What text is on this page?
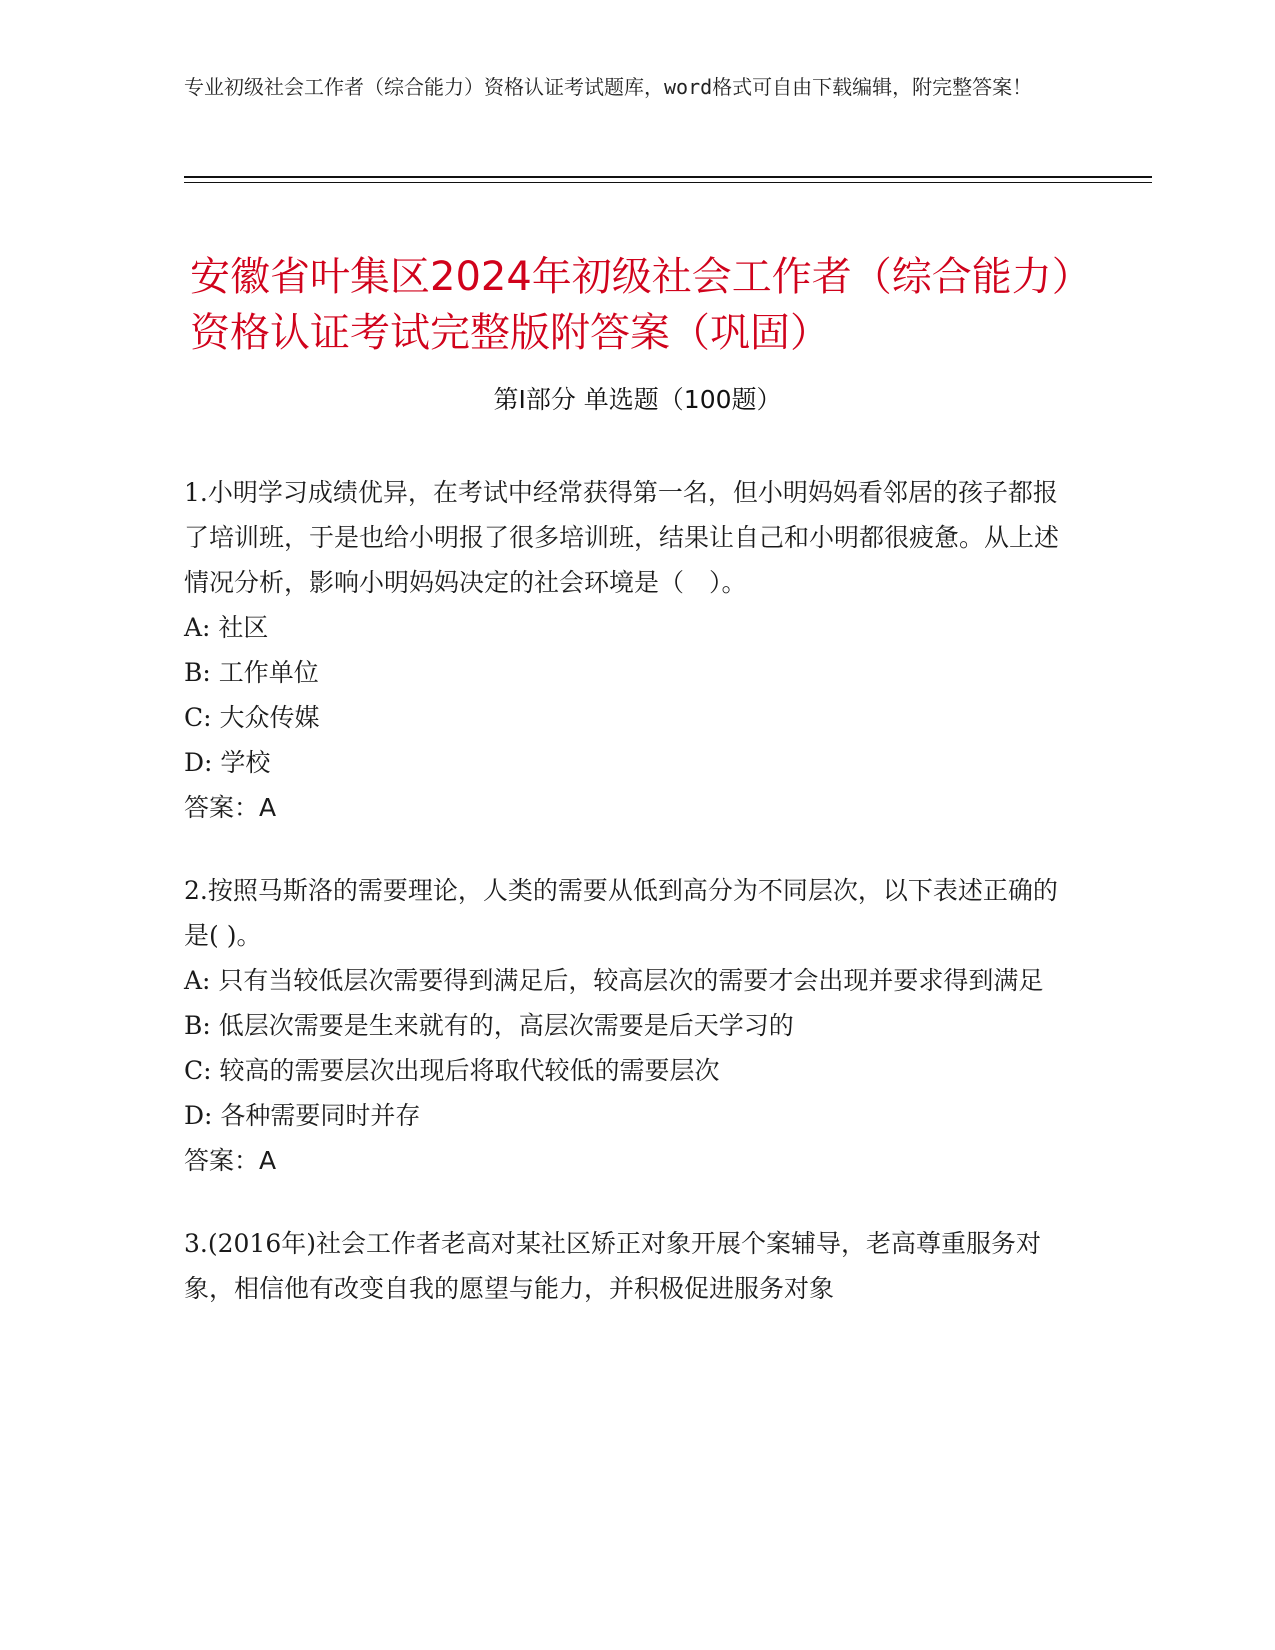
专业初级社会工作者（综合能力）资格认证考试题库，word格式可自由下载编辑，附完整答案！
安徽省叶集区2024年初级社会工作者（综合能力）资格认证考试完整版附答案（巩固）
第Ⅰ部分 单选题（100题）

1.小明学习成绩优异，在考试中经常获得第一名，但小明妈妈看邻居的孩子都报了培训班，于是也给小明报了很多培训班，结果让自己和小明都很疲惫。从上述情况分析，影响小明妈妈决定的社会环境是（　）。

A: 社区

B: 工作单位

C: 大众传媒

D: 学校

答案：A

2.按照马斯洛的需要理论，人类的需要从低到高分为不同层次，以下表述正确的是( )。

A: 只有当较低层次需要得到满足后，较高层次的需要才会出现并要求得到满足

B: 低层次需要是生来就有的，高层次需要是后天学习的

C: 较高的需要层次出现后将取代较低的需要层次

D: 各种需要同时并存

答案：A

3.(2016年)社会工作者老高对某社区矫正对象开展个案辅导，老高尊重服务对象，相信他有改变自我的愿望与能力，并积极促进服务对象
